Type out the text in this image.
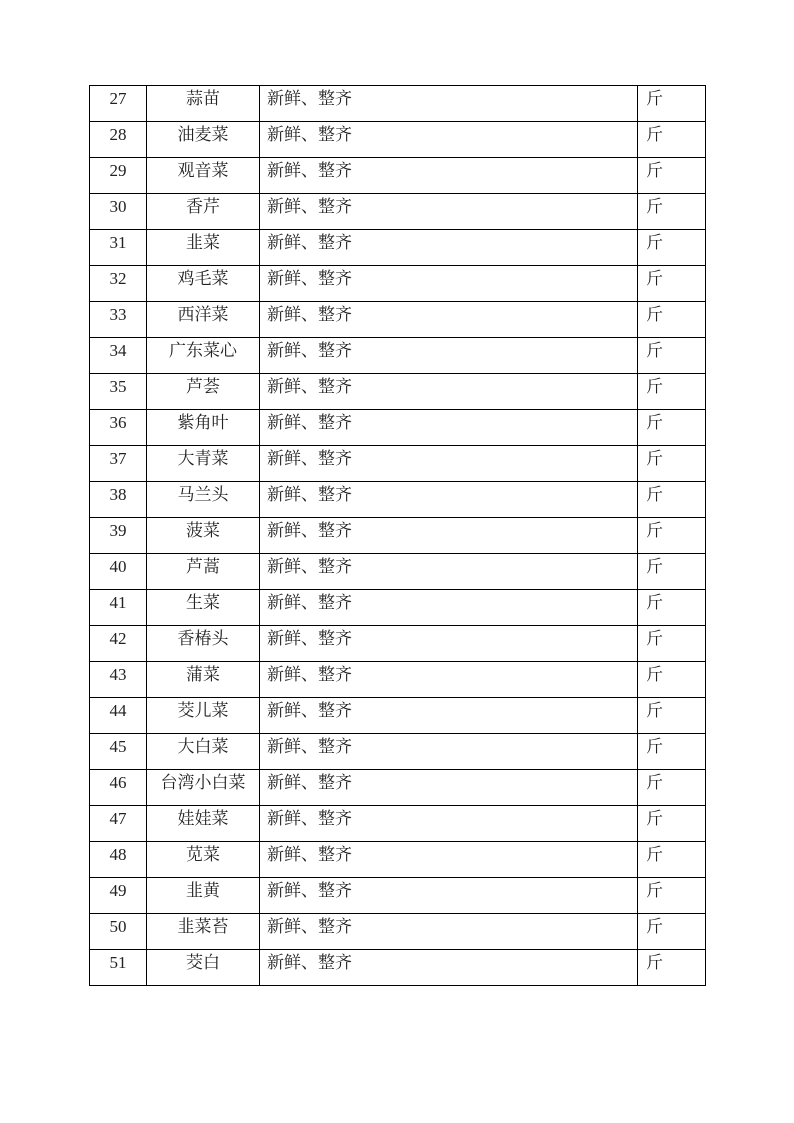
27	蒜苗	新鲜、整齐	斤
28	油麦菜	新鲜、整齐	斤
29	观音菜	新鲜、整齐	斤
30	香芹	新鲜、整齐	斤
31	韭菜	新鲜、整齐	斤
32	鸡毛菜	新鲜、整齐	斤
33	西洋菜	新鲜、整齐	斤
34	广东菜心	新鲜、整齐	斤
35	芦荟	新鲜、整齐	斤
36	紫角叶	新鲜、整齐	斤
37	大青菜	新鲜、整齐	斤
38	马兰头	新鲜、整齐	斤
39	菠菜	新鲜、整齐	斤
40	芦蒿	新鲜、整齐	斤
41	生菜	新鲜、整齐	斤
42	香椿头	新鲜、整齐	斤
43	蒲菜	新鲜、整齐	斤
44	茭儿菜	新鲜、整齐	斤
45	大白菜	新鲜、整齐	斤
46	台湾小白菜	新鲜、整齐	斤
47	娃娃菜	新鲜、整齐	斤
48	苋菜	新鲜、整齐	斤
49	韭黄	新鲜、整齐	斤
50	韭菜苔	新鲜、整齐	斤
51	茭白	新鲜、整齐	斤
